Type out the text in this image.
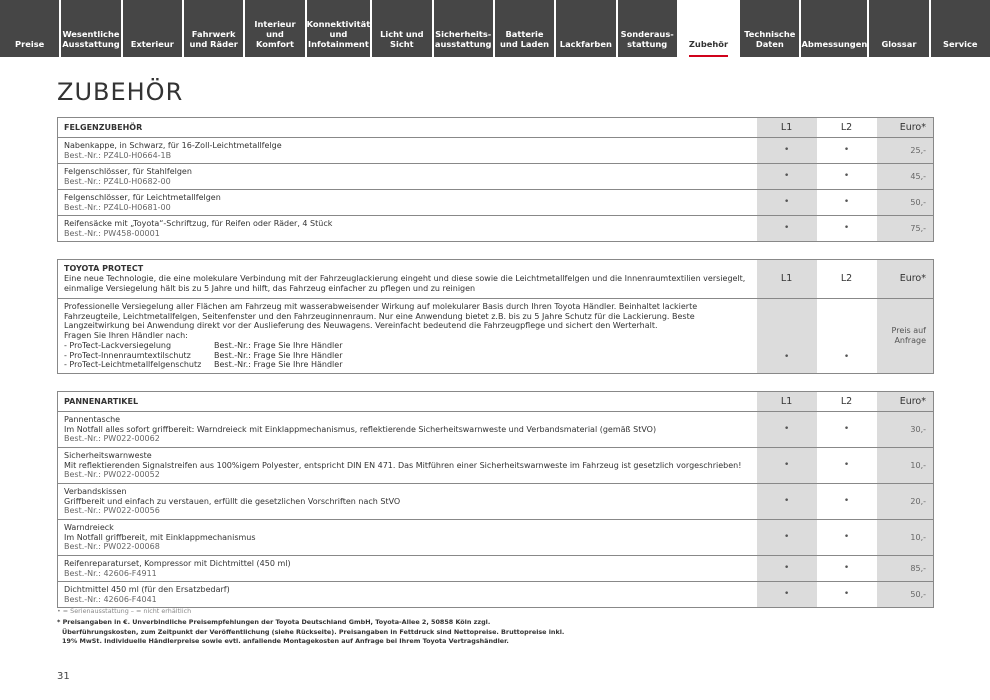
Preise
Wesentliche
Ausstattung	Exterieur
Fahrwerk
und Räder
Interieur und
Komfort
Konnektivität
und
Infotainment
Licht und Sicht
Sicherheits-
ausstattung
Batterie
und Laden	Lackfarben
Sonderaus-
stattung	Zubehör
Technische
Daten	Abmessungen	Glossar	Service
ZUBEHÖR
FELGENZUBEHÖR	L1	L2	Euro*

Nabenkappe, in Schwarz, für 16-Zoll-Leichtmetallfelge
Best.-Nr.: PZ4L0-H0664-1B	•	•	25,-

Felgenschlösser, für Stahlfelgen
Best.-Nr.: PZ4L0-H0682-00	•	•	45,-

Felgenschlösser, für Leichtmetallfelgen
Best.-Nr.: PZ4L0-H0681-00	•	•	50,-

Reifensäcke mit „Toyota“-Schriftzug, für Reifen oder Räder, 4 Stück
Best.-Nr.: PW458-00001	•	•	75,-
TOYOTA PROTECT
Eine neue Technologie, die eine molekulare Verbindung mit der Fahrzeuglackierung eingeht und diese sowie die Leichtmetallfelgen und die Innenraumtextilien versiegelt, einmalige Versiegelung hält bis zu 5 Jahre und hilft, das Fahrzeug einfacher zu pflegen und zu reinigen	L1	L2	Euro*

Professionelle Versiegelung aller Flächen am Fahrzeug mit wasserabweisender Wirkung auf molekularer Basis durch Ihren Toyota Händler. Beinhaltet lackierte Fahrzeugteile, Leichtmetallfelgen, Seitenfenster und den Fahrzeuginnenraum. Nur eine Anwendung bietet z.B. bis zu 5 Jahre Schutz für die Lackierung. Beste Langzeitwirkung bei Anwendung direkt vor der Auslieferung des Neuwagens. Vereinfacht bedeutend die Fahrzeugpflege und sichert den Werterhalt.
Fragen Sie Ihren Händler nach:
- ProTect-Lackversiegelung Best.-Nr.: Frage Sie Ihre Händler
- ProTect-Innenraumtextilschutz Best.-Nr.: Frage Sie Ihre Händler
- ProTect-Leichtmetallfelgenschutz Best.-Nr.: Frage Sie Ihre Händler	•	•	Preis auf Anfrage
PANNENARTIKEL	L1	L2	Euro*

Pannentasche
Im Notfall alles sofort griffbereit: Warndreieck mit Einklappmechanismus, reflektierende Sicherheitswarnweste und Verbandsmaterial (gemäß StVO)
Best.-Nr.: PW022-00062	•	•	30,-

Sicherheitswarnweste
Mit reflektierenden Signalstreifen aus 100%igem Polyester, entspricht DIN EN 471. Das Mitführen einer Sicherheitswarnweste im Fahrzeug ist gesetzlich vorgeschrieben!
Best.-Nr.: PW022-00052	•	•	10,-

Verbandskissen
Griffbereit und einfach zu verstauen, erfüllt die gesetzlichen Vorschriften nach StVO
Best.-Nr.: PW022-00056	•	•	20,-

Warndreieck
Im Notfall griffbereit, mit Einklappmechanismus
Best.-Nr.: PW022-00068	•	•	10,-

Reifenreparaturset, Kompressor mit Dichtmittel (450 ml)
Best.-Nr.: 42606-F4911	•	•	85,-

Dichtmittel 450 ml (für den Ersatzbedarf)
Best.-Nr.: 42606-F4041	•	•	50,-
• = Serienausstattung – = nicht erhältlich
* Preisangaben in €. Unverbindliche Preisempfehlungen der Toyota Deutschland GmbH, Toyota-Allee 2, 50858 Köln zzgl. Überführungskosten, zum Zeitpunkt der Veröffentlichung (siehe Rückseite). Preisangaben in Fettdruck sind Nettopreise. Bruttopreise inkl. 19% MwSt. Individuelle Händlerpreise sowie evtl. anfallende Montagekosten auf Anfrage bei Ihrem Toyota Vertragshändler.
31
